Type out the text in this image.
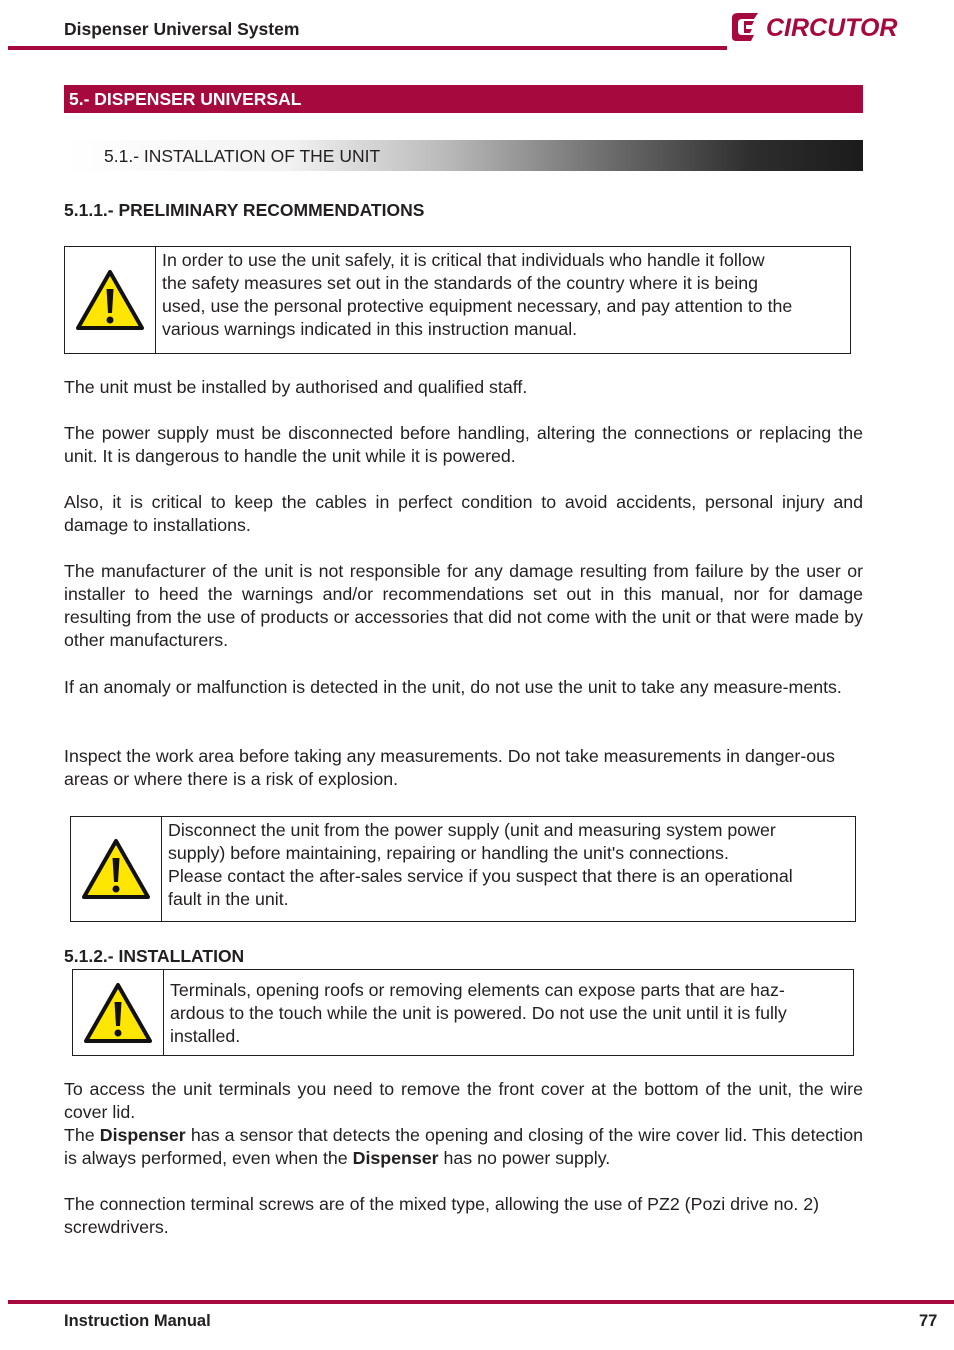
Dispenser Universal System	CIRCUTOR
5.- DISPENSER UNIVERSAL
5.1.- INSTALLATION OF THE UNIT
5.1.1.- PRELIMINARY RECOMMENDATIONS
In order to use the unit safely, it is critical that individuals who handle it follow
the safety measures set out in the standards of the country where it is being
used, use the personal protective equipment necessary, and pay attention to the
various warnings indicated in this instruction manual.
The unit must be installed by authorised and qualified staff.
The power supply must be disconnected before handling, altering the connections or replacing the unit. It is dangerous to handle the unit while it is powered.
Also, it is critical to keep the cables in perfect condition to avoid accidents, personal injury and damage to installations.
The manufacturer of the unit is not responsible for any damage resulting from failure by the user or installer to heed the warnings and/or recommendations set out in this manual, nor for damage resulting from the use of products or accessories that did not come with the unit or that were made by other manufacturers.
If an anomaly or malfunction is detected in the unit, do not use the unit to take any measure-ments.
Inspect the work area before taking any measurements. Do not take measurements in danger-ous areas or where there is a risk of explosion.
Disconnect the unit from the power supply (unit and measuring system power
supply) before maintaining, repairing or handling the unit's connections.
Please contact the after-sales service if you suspect that there is an operational
fault in the unit.
5.1.2.- INSTALLATION
Terminals, opening roofs or removing elements can expose parts that are haz-
ardous to the touch while the unit is powered. Do not use the unit until it is fully
installed.
To access the unit terminals you need to remove the front cover at the bottom of the unit, the wire cover lid.
The Dispenser has a sensor that detects the opening and closing of the wire cover lid. This detection is always performed, even when the Dispenser has no power supply.
The connection terminal screws are of the mixed type, allowing the use of PZ2 (Pozi drive no. 2) screwdrivers.
Instruction Manual	77
